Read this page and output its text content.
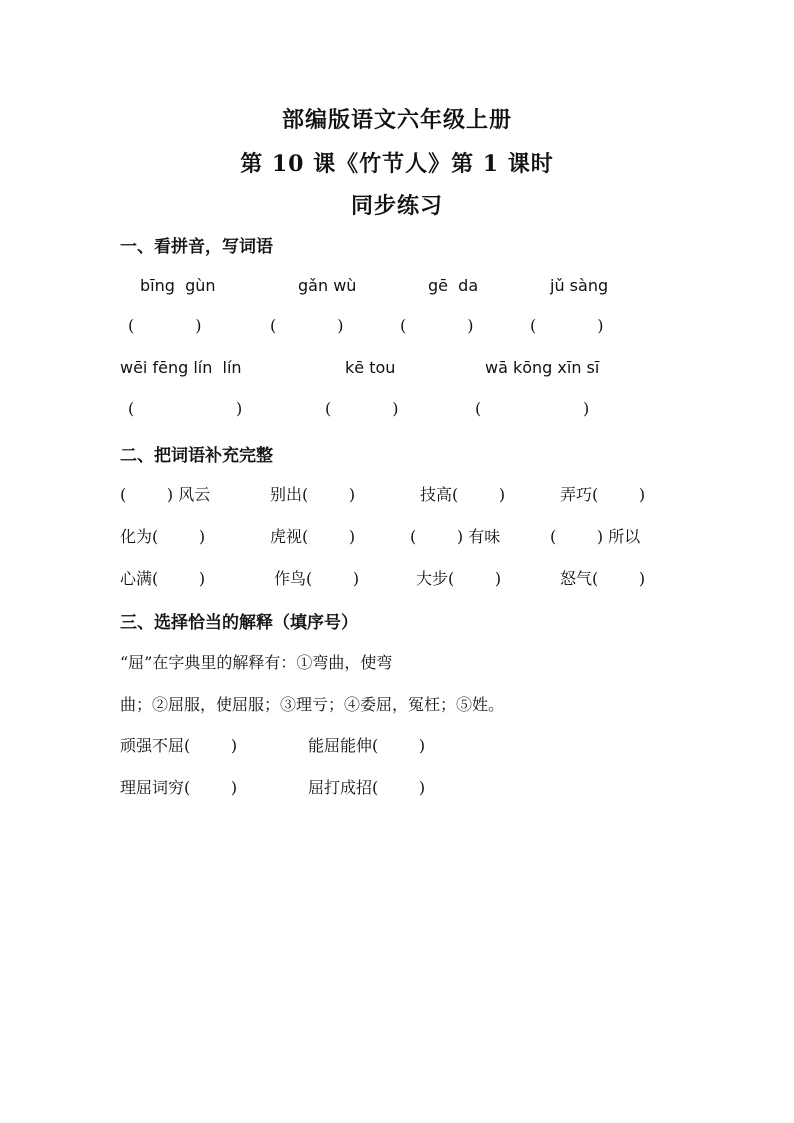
部编版语文六年级上册
第 10 课《竹节人》第 1 课时
同步练习
一、看拼音，写词语
bīng  gùn	gǎn wù	gē  da	jǔ sàng
(            )	(            )	(            )	(            )
wēi fēng lín  lín	kē tou	wā kōng xīn sī
(                    )	(            )	(                    )
二、把词语补充完整
(        ) 风云	别出(        )	技高(        )	弄巧(        )
化为(        )	虎视(        )	(        ) 有味	(        ) 所以
心满(        )	作鸟(        )	大步(        )	怒气(        )
三、选择恰当的解释（填序号）
“屈”在字典里的解释有：①弯曲，使弯
曲；②屈服，使屈服；③理亏；④委屈，冤枉；⑤姓。
顽强不屈(        )	能屈能伸(        )
理屈词穷(        )	屈打成招(        )
